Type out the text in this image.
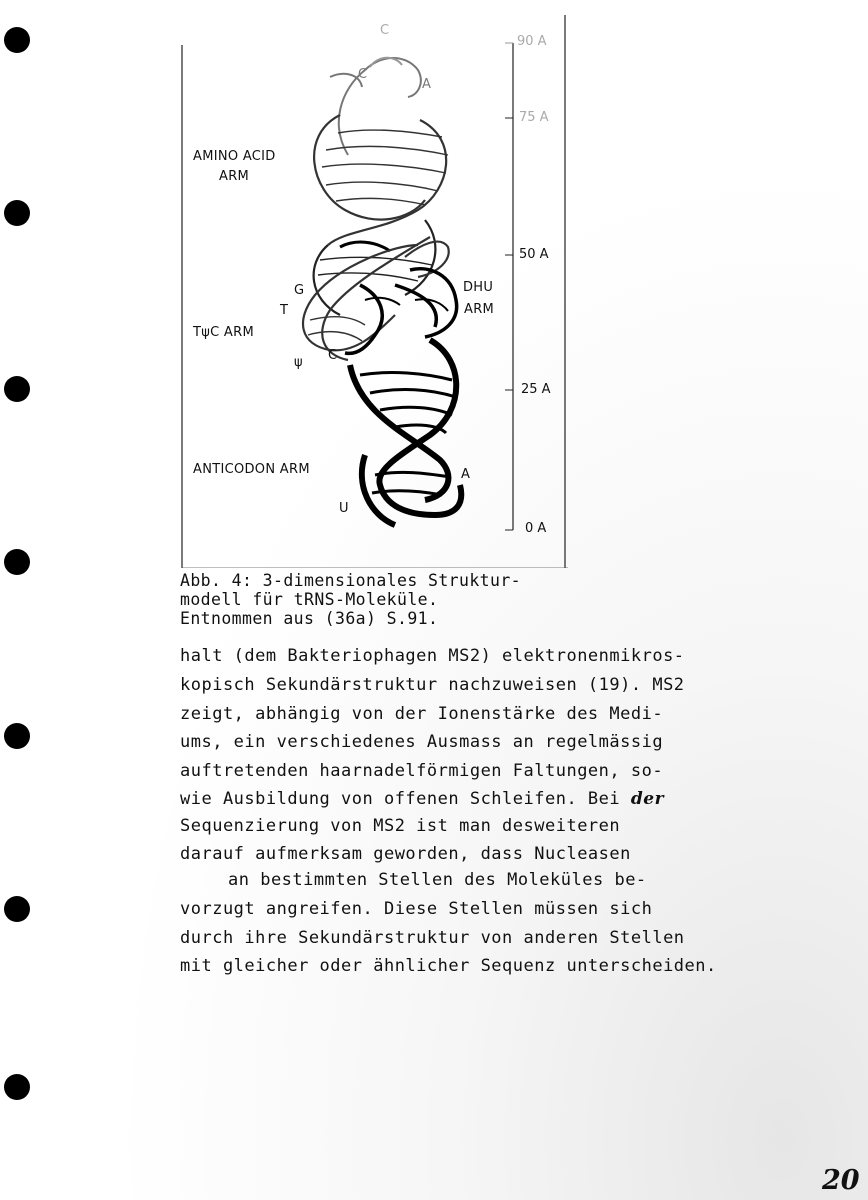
AMINO ACID
ARM
TψC ARM
DHU
ARM
ANTICODON ARM
C
C
A
G
T
ψ C
A
U
90 A
75 A
50 A
25 A
0 A
Abb. 4: 3-dimensionales Struktur-
modell für tRNS-Moleküle.
Entnommen aus (36a) S.91.
halt (dem Bakteriophagen MS2) elektronenmikros-
kopisch Sekundärstruktur nachzuweisen (19). MS2
zeigt, abhängig von der Ionenstärke des Medi-
ums, ein verschiedenes Ausmass an regelmässig
auftretenden haarnadelförmigen Faltungen, so-
wie Ausbildung von offenen Schleifen. Bei der
Sequenzierung von MS2 ist man desweiteren
darauf aufmerksam geworden, dass Nucleasen
an bestimmten Stellen des Moleküles be-
vorzugt angreifen. Diese Stellen müssen sich
durch ihre Sekundärstruktur von anderen Stellen
mit gleicher oder ähnlicher Sequenz unterscheiden.
20
